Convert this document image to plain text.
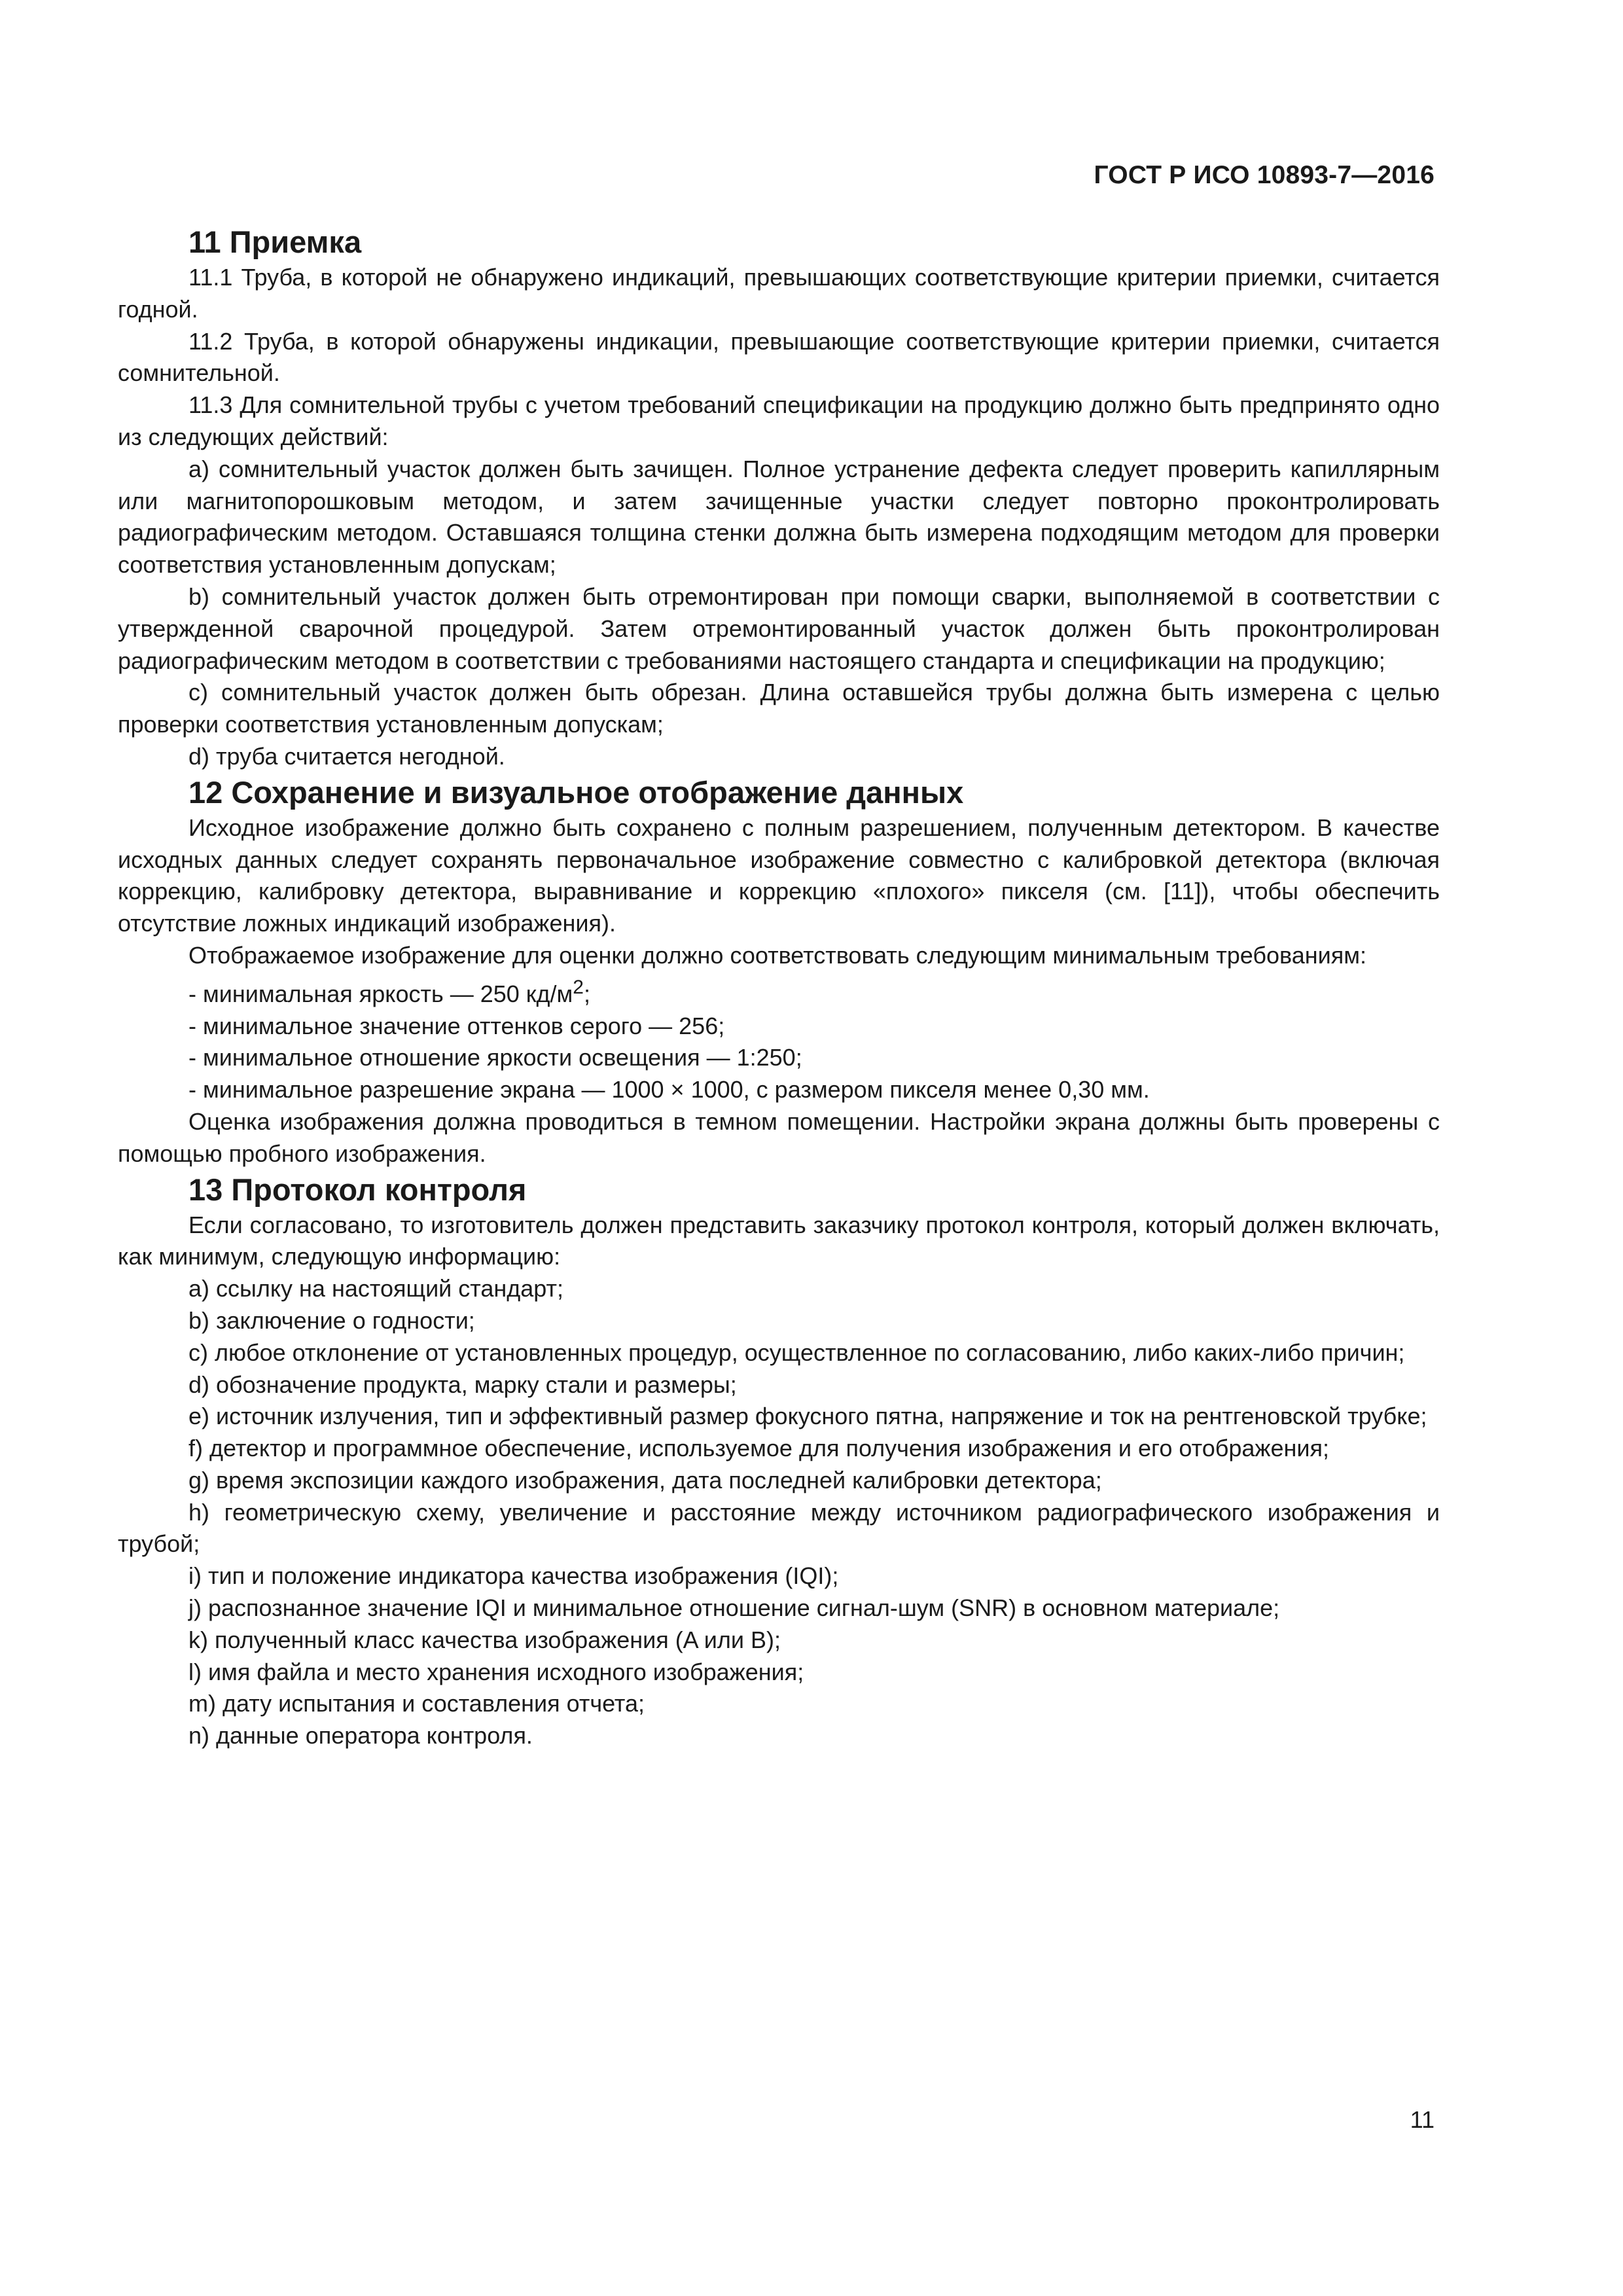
ГОСТ Р ИСО 10893-7—2016
11 Приемка

11.1 Труба, в которой не обнаружено индикаций, превышающих соответствующие критерии приемки, считается годной.

11.2 Труба, в которой обнаружены индикации, превышающие соответствующие критерии приемки, считается сомнительной.

11.3 Для сомнительной трубы с учетом требований спецификации на продукцию должно быть предпринято одно из следующих действий:

a) сомнительный участок должен быть зачищен. Полное устранение дефекта следует проверить капиллярным или магнитопорошковым методом, и затем зачищенные участки следует повторно проконтролировать радиографическим методом. Оставшаяся толщина стенки должна быть измерена подходящим методом для проверки соответствия установленным допускам;

b) сомнительный участок должен быть отремонтирован при помощи сварки, выполняемой в соответствии с утвержденной сварочной процедурой. Затем отремонтированный участок должен быть проконтролирован радиографическим методом в соответствии с требованиями настоящего стандарта и спецификации на продукцию;

c) сомнительный участок должен быть обрезан. Длина оставшейся трубы должна быть измерена с целью проверки соответствия установленным допускам;

d) труба считается негодной.

12 Сохранение и визуальное отображение данных

Исходное изображение должно быть сохранено с полным разрешением, полученным детектором. В качестве исходных данных следует сохранять первоначальное изображение совместно с калибровкой детектора (включая коррекцию, калибровку детектора, выравнивание и коррекцию «плохого» пикселя (см. [11]), чтобы обеспечить отсутствие ложных индикаций изображения).

Отображаемое изображение для оценки должно соответствовать следующим минимальным требованиям:

- минимальная яркость — 250 $кд/м^2$;

- минимальное значение оттенков серого — 256;

- минимальное отношение яркости освещения — 1:250;

- минимальное разрешение экрана — 1000 × 1000, с размером пикселя менее 0,30 мм.

Оценка изображения должна проводиться в темном помещении. Настройки экрана должны быть проверены с помощью пробного изображения.

13 Протокол контроля

Если согласовано, то изготовитель должен представить заказчику протокол контроля, который должен включать, как минимум, следующую информацию:

a) ссылку на настоящий стандарт;

b) заключение о годности;

c) любое отклонение от установленных процедур, осуществленное по согласованию, либо каких-либо причин;

d) обозначение продукта, марку стали и размеры;

e) источник излучения, тип и эффективный размер фокусного пятна, напряжение и ток на рентгеновской трубке;

f) детектор и программное обеспечение, используемое для получения изображения и его отображения;

g) время экспозиции каждого изображения, дата последней калибровки детектора;

h) геометрическую схему, увеличение и расстояние между источником радиографического изображения и трубой;

i) тип и положение индикатора качества изображения (IQI);

j) распознанное значение IQI и минимальное отношение сигнал-шум (SNR) в основном материале;

k) полученный класс качества изображения (A или B);

l) имя файла и место хранения исходного изображения;

m) дату испытания и составления отчета;

n) данные оператора контроля.

11
